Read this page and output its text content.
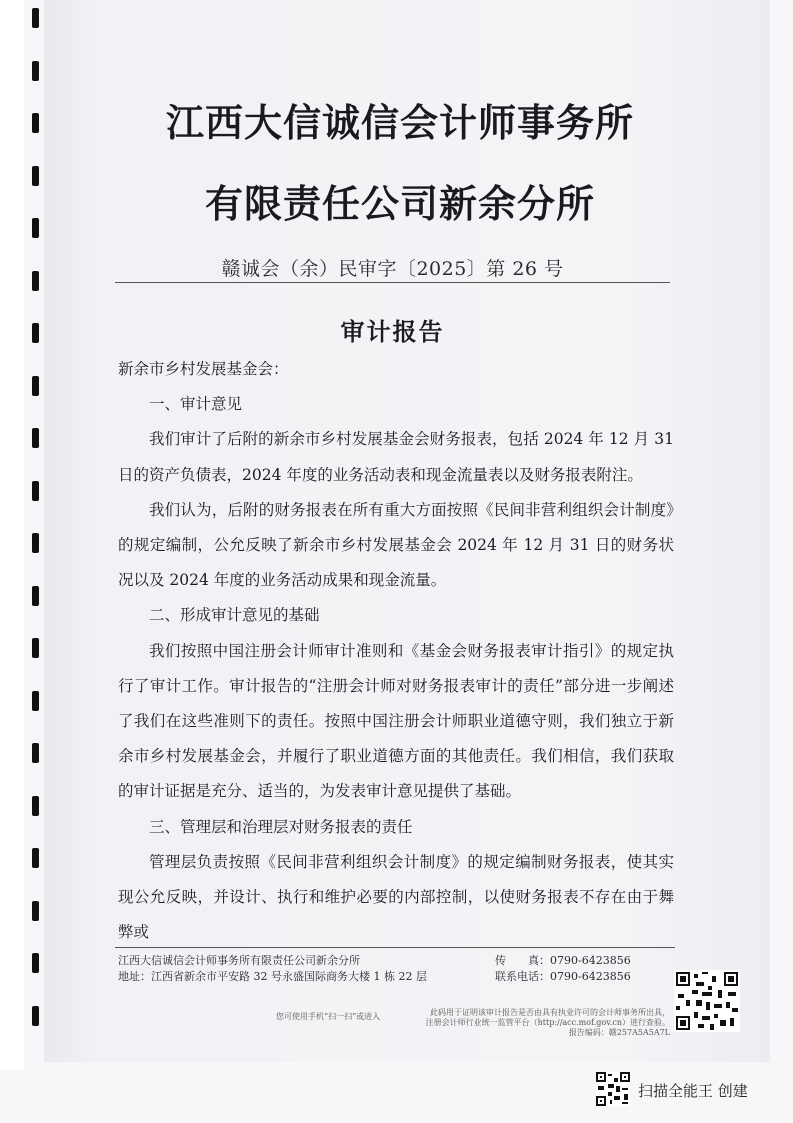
江西大信诚信会计师事务所
有限责任公司新余分所
赣诚会（余）民审字〔2025〕第 26 号
审计报告

新余市乡村发展基金会：

一、审计意见

我们审计了后附的新余市乡村发展基金会财务报表，包括 2024 年 12 月 31 日的资产负债表，2024 年度的业务活动表和现金流量表以及财务报表附注。

我们认为，后附的财务报表在所有重大方面按照《民间非营利组织会计制度》的规定编制，公允反映了新余市乡村发展基金会 2024 年 12 月 31 日的财务状况以及 2024 年度的业务活动成果和现金流量。

二、形成审计意见的基础

我们按照中国注册会计师审计准则和《基金会财务报表审计指引》的规定执行了审计工作。审计报告的“注册会计师对财务报表审计的责任”部分进一步阐述了我们在这些准则下的责任。按照中国注册会计师职业道德守则，我们独立于新余市乡村发展基金会，并履行了职业道德方面的其他责任。我们相信，我们获取的审计证据是充分、适当的，为发表审计意见提供了基础。

三、管理层和治理层对财务报表的责任

管理层负责按照《民间非营利组织会计制度》的规定编制财务报表，使其实现公允反映，并设计、执行和维护必要的内部控制，以使财务报表不存在由于舞弊或

江西大信诚信会计师事务所有限责任公司新余分所
地址：江西省新余市平安路 32 号永盛国际商务大楼 1 栋 22 层
传　　真：0790-6423856
联系电话：0790-6423856
您可使用手机“扫一扫”或进入	此码用于证明该审计报告是否由具有执业许可的会计师事务所出具，
注册会计师行业统一监管平台（http://acc.mof.gov.cn）进行查验。
报告编码：赣257A5A5A7L
扫描全能王 创建
